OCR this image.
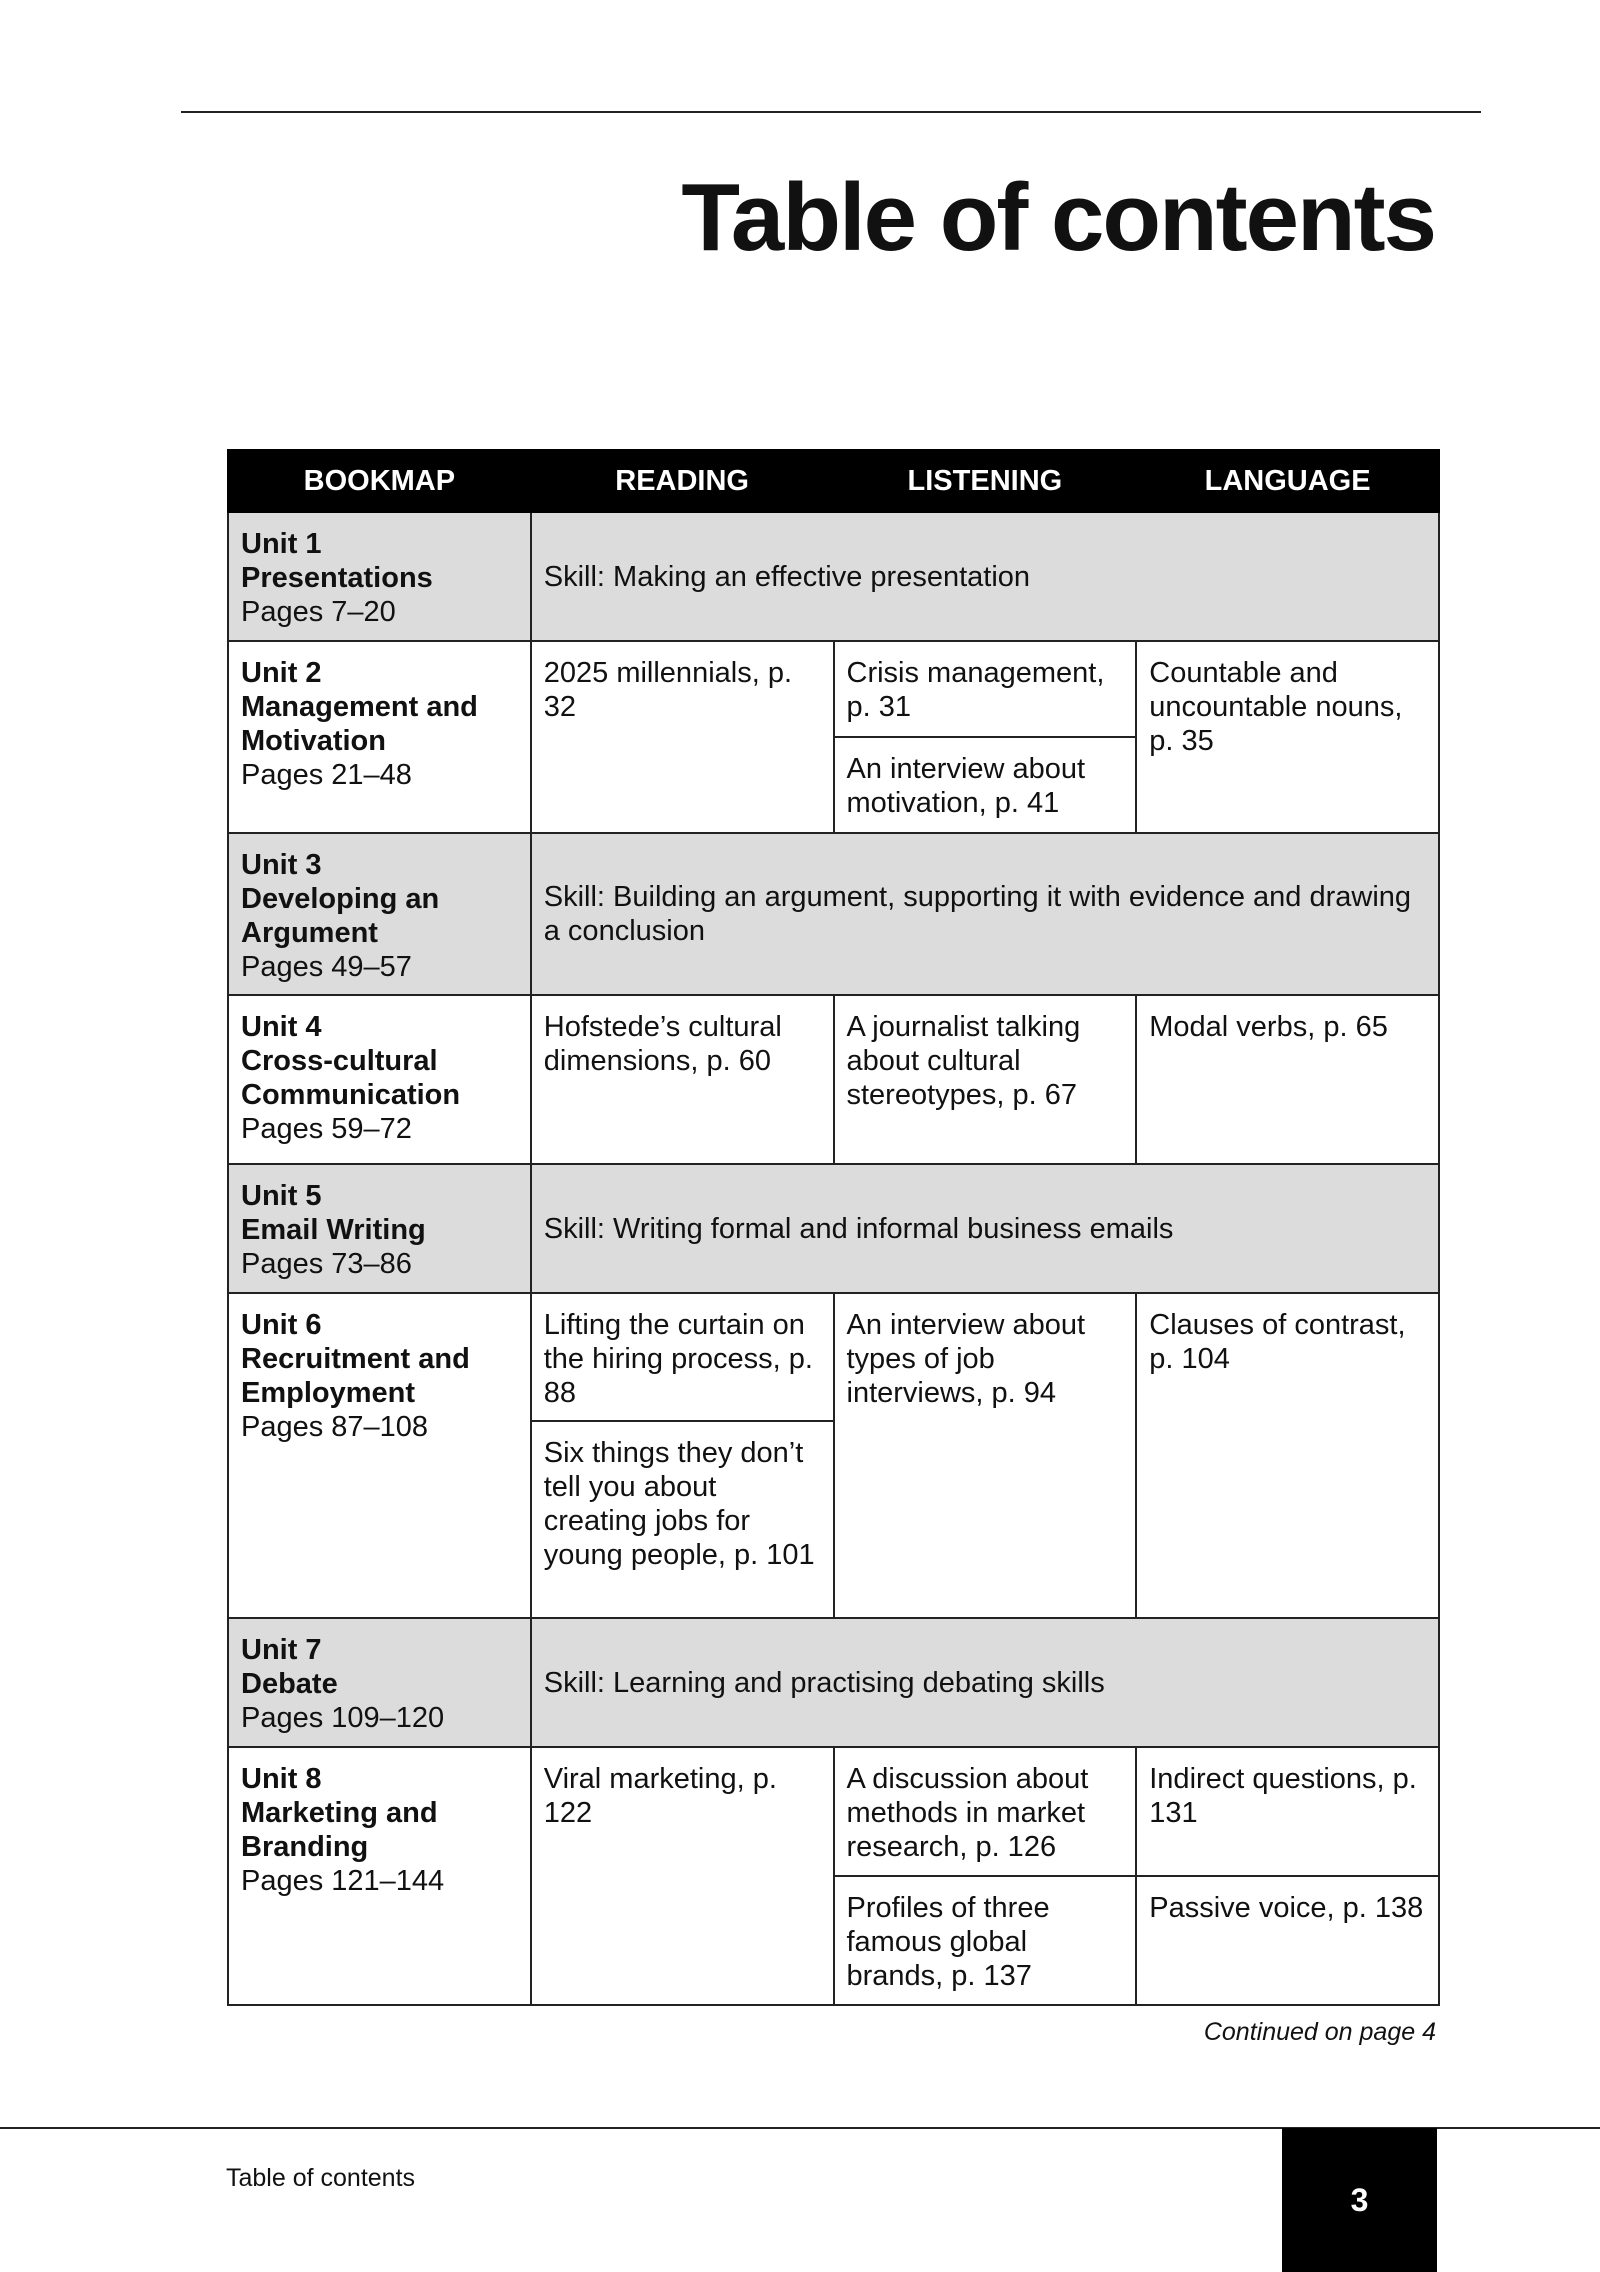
Table of contents
BOOKMAP	READING	LISTENING	LANGUAGE

Unit 1
Presentations
Pages 7–20	Skill: Making an effective presentation		

Unit 2
Management and Motivation
Pages 21–48	2025 millennials, p. 32	Crisis management, p. 31	Countable and uncountable nouns, p. 35
		An interview about motivation, p. 41	

Unit 3
Developing an Argument
Pages 49–57	Skill: Building an argument, supporting it with evidence and drawing a conclusion		

Unit 4
Cross-cultural Communication
Pages 59–72	Hofstede’s cultural dimensions, p. 60	A journalist talking about cultural stereotypes, p. 67	Modal verbs, p. 65

Unit 5
Email Writing
Pages 73–86	Skill: Writing formal and informal business emails		

Unit 6
Recruitment and Employment
Pages 87–108	Lifting the curtain on the hiring process, p. 88	An interview about types of job interviews, p. 94	Clauses of contrast, p. 104
	Six things they don’t tell you about creating jobs for young people, p. 101		

Unit 7
Debate
Pages 109–120	Skill: Learning and practising debating skills		

Unit 8
Marketing and Branding
Pages 121–144	Viral marketing, p. 122	A discussion about methods in market research, p. 126	Indirect questions, p. 131
		Profiles of three famous global brands, p. 137	Passive voice, p. 138
Continued on page 4
Table of contents
3
